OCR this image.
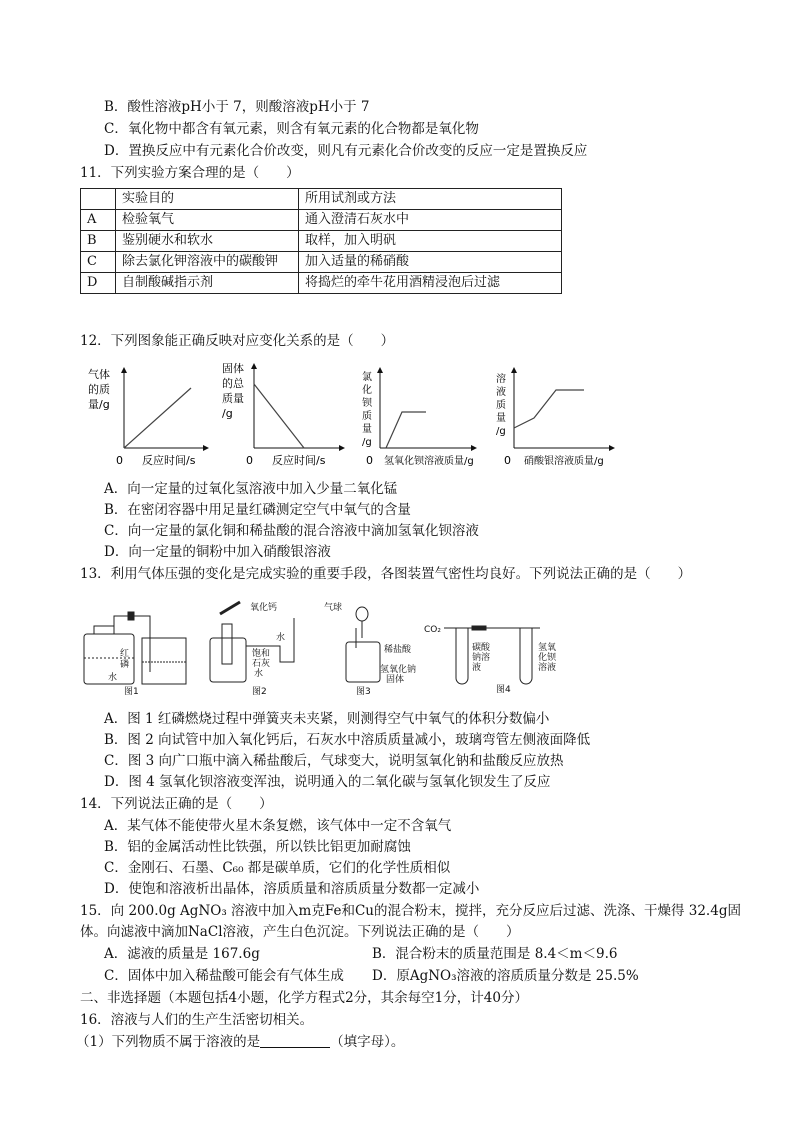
B．酸性溶液pH小于 7，则酸溶液pH小于 7
C．氧化物中都含有氧元素，则含有氧元素的化合物都是氧化物
D．置换反应中有元素化合价改变，则凡有元素化合价改变的反应一定是置换反应
11．下列实验方案合理的是（　　）
	实验目的	所用试剂或方法
A	检验氧气	通入澄清石灰水中
B	鉴别硬水和软水	取样，加入明矾
C	除去氯化钾溶液中的碳酸钾	加入适量的稀硝酸
D	自制酸碱指示剂	将捣烂的牵牛花用酒精浸泡后过滤
12．下列图象能正确反映对应变化关系的是（　　）
气体
的质
量/g
0 反应时间/s
固体
的总
质量
/g
0 反应时间/s
氯
化
钡
质
量
/g
0 氢氧化钡溶液质量/g
溶
液
质
量
/g
0 硝酸银溶液质量/g
A．向一定量的过氧化氢溶液中加入少量二氧化锰
B．在密闭容器中用足量红磷测定空气中氧气的含量
C．向一定量的氯化铜和稀盐酸的混合溶液中滴加氢氧化钡溶液
D．向一定量的铜粉中加入硝酸银溶液
13．利用气体压强的变化是完成实验的重要手段，各图装置气密性均良好。下列说法正确的是（　　）
红
磷
水
图1
氧化钙
饱和
石灰
水
水
图2
气球
稀盐酸
氢氧化钠
固体
图3
CO₂
碳酸
钠溶
液
氢氧
化钡
溶液
图4
A．图 1 红磷燃烧过程中弹簧夹未夹紧，则测得空气中氧气的体积分数偏小
B．图 2 向试管中加入氧化钙后，石灰水中溶质质量减小，玻璃弯管左侧液面降低
C．图 3 向广口瓶中滴入稀盐酸后，气球变大，说明氢氧化钠和盐酸反应放热
D．图 4 氢氧化钡溶液变浑浊，说明通入的二氧化碳与氢氧化钡发生了反应
14．下列说法正确的是（　　）
A．某气体不能使带火星木条复燃，该气体中一定不含氧气
B．铝的金属活动性比铁强，所以铁比铝更加耐腐蚀
C．金刚石、石墨、C₆₀ 都是碳单质，它们的化学性质相似
D．使饱和溶液析出晶体，溶质质量和溶质质量分数都一定减小
15．向 200.0g AgNO₃ 溶液中加入m克Fe和Cu的混合粉末，搅拌，充分反应后过滤、洗涤、干燥得 32.4g固
体。向滤液中滴加NaCl溶液，产生白色沉淀。下列说法正确的是（　　）
A．滤液的质量是 167.6g	B．混合粉末的质量范围是 8.4＜m＜9.6
C．固体中加入稀盐酸可能会有气体生成 D．原AgNO₃溶液的溶质质量分数是 25.5%
二、非选择题（本题包括4小题，化学方程式2分，其余每空1分，计40分）
16．溶液与人们的生产生活密切相关。
（1）下列物质不属于溶液的是	（填字母）。
